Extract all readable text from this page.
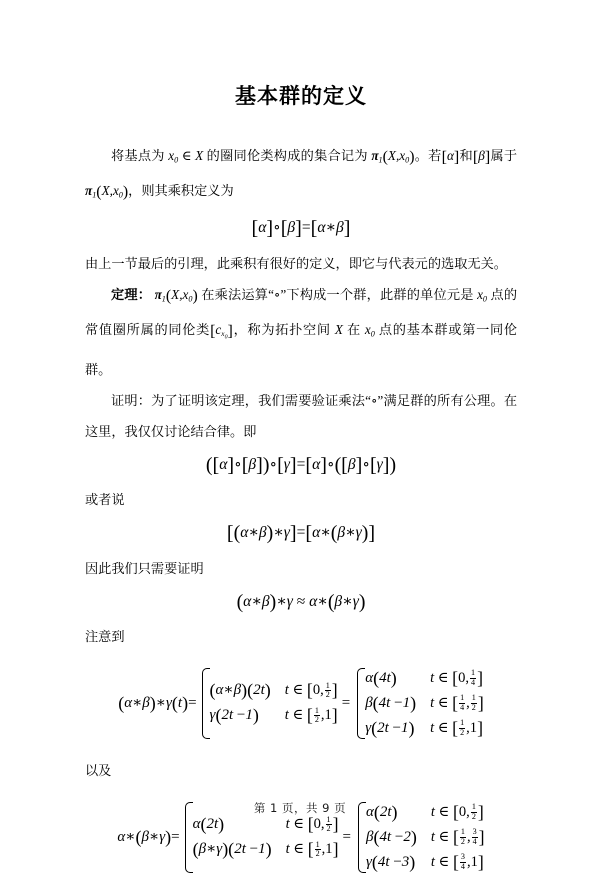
基本群的定义

将基点为 $x_0$ ∈ X 的圈同伦类构成的集合记为 $\pi_1(X,x_0)$。若[α]和[β]属于 $\pi_1(X,x_0)$，则其乘积定义为

[α]∘[β]=[α∗β]

由上一节最后的引理，此乘积有很好的定义，即它与代表元的选取无关。

定理： $\pi_1(X,x_0)$ 在乘法运算“∘”下构成一个群，此群的单位元是 $x_0$ 点的常值圈所属的同伦类$[c_{x_0}]$，称为拓扑空间 X 在 $x_0$ 点的基本群或第一同伦群。

证明：为了证明该定理，我们需要验证乘法“∘”满足群的所有公理。在这里，我仅仅讨论结合律。即

([α]∘[β])∘[γ]=[α]∘([β]∘[γ])

或者说

[(α∗β)∗γ]=[α∗(β∗γ)]

因此我们只需要证明

(α∗β)∗γ ≈ α∗(β∗γ)

注意到

(α∗β)∗γ(t)=
(α∗β)(2t)	t ∈ [0, $\frac{1}{2}$ ]
γ(2t −1)	t ∈ [ $\frac{1}{2} ,1$]
=
α(4t)	t ∈ [0, $\frac{1}{4}$ ]
β(4t −1)	t ∈ [ $\frac{1}{4}$ , $\frac{1}{2}$ ]
γ(2t −1)	t ∈ [ $\frac{1}{2} ,1$]

以及

α∗(β∗γ)=
α(2t)	t ∈ [0, $\frac{1}{2}$ ]
(β∗γ)(2t −1)	t ∈ [ $\frac{1}{2} ,1$]
=
α(2t)	t ∈ [0, $\frac{1}{2}$ ]
β(4t −2)	t ∈ [ $\frac{1}{2}$ , $\frac{3}{4}$ ]
γ(4t −3)	t ∈ [ $\frac{3}{4} ,1$]
第 1 页，共 9 页
